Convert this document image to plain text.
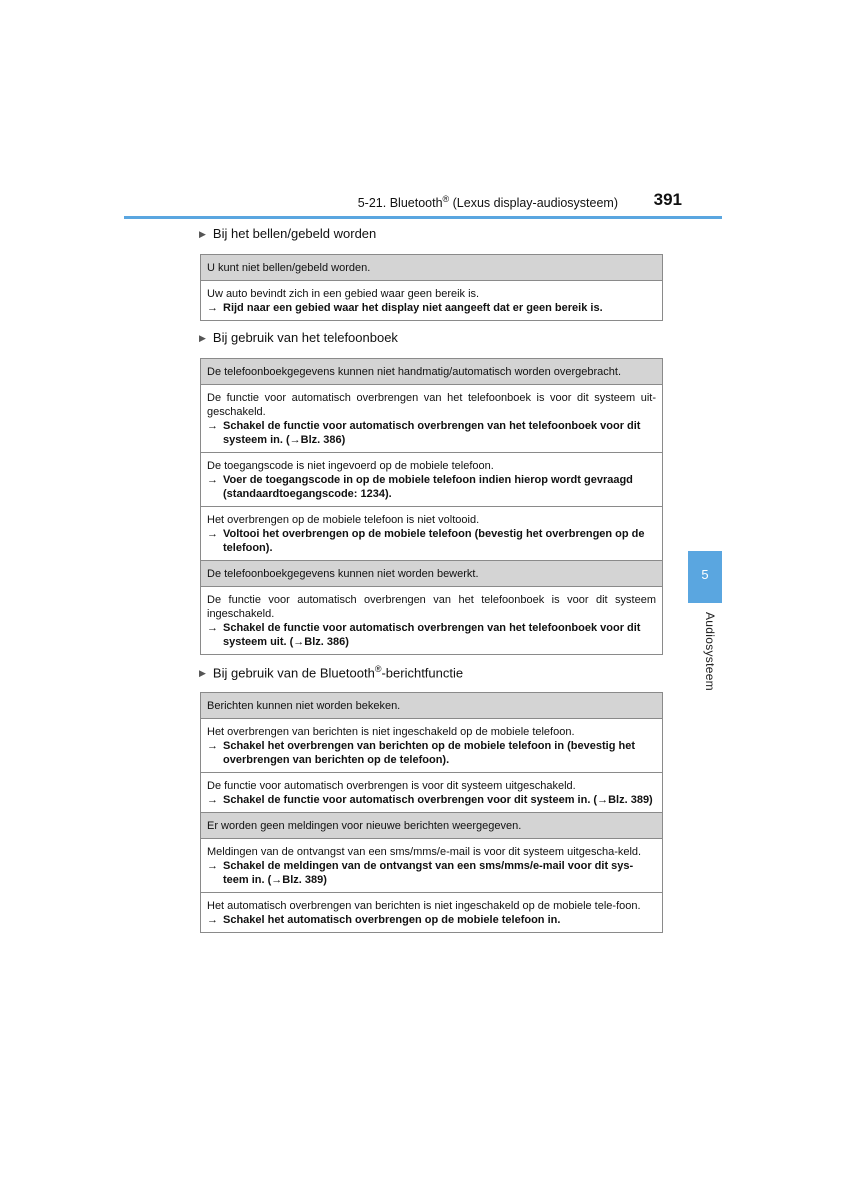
5-21. Bluetooth® (Lexus display-audiosysteem) 391
5
Audiosysteem
▶ Bij het bellen/gebeld worden
U kunt niet bellen/gebeld worden.

Uw auto bevindt zich in een gebied waar geen bereik is.
→ Rijd naar een gebied waar het display niet aangeeft dat er geen bereik is.
▶ Bij gebruik van het telefoonboek
De telefoonboekgegevens kunnen niet handmatig/automatisch worden overgebracht.

De functie voor automatisch overbrengen van het telefoonboek is voor dit systeem uit-geschakeld.
→ Schakel de functie voor automatisch overbrengen van het telefoonboek voor dit systeem in. (→Blz. 386)

De toegangscode is niet ingevoerd op de mobiele telefoon.
→ Voer de toegangscode in op de mobiele telefoon indien hierop wordt gevraagd (standaardtoegangscode: 1234).

Het overbrengen op de mobiele telefoon is niet voltooid.
→ Voltooi het overbrengen op de mobiele telefoon (bevestig het overbrengen op de telefoon).

De telefoonboekgegevens kunnen niet worden bewerkt.

De functie voor automatisch overbrengen van het telefoonboek is voor dit systeem ingeschakeld.
→ Schakel de functie voor automatisch overbrengen van het telefoonboek voor dit systeem uit. (→Blz. 386)
▶ Bij gebruik van de Bluetooth®-berichtfunctie
Berichten kunnen niet worden bekeken.

Het overbrengen van berichten is niet ingeschakeld op de mobiele telefoon.
→ Schakel het overbrengen van berichten op de mobiele telefoon in (bevestig het overbrengen van berichten op de telefoon).

De functie voor automatisch overbrengen is voor dit systeem uitgeschakeld.
→ Schakel de functie voor automatisch overbrengen voor dit systeem in. (→Blz. 389)

Er worden geen meldingen voor nieuwe berichten weergegeven.

Meldingen van de ontvangst van een sms/mms/e-mail is voor dit systeem uitgescha-keld.
→ Schakel de meldingen van de ontvangst van een sms/mms/e-mail voor dit sys-teem in. (→Blz. 389)

Het automatisch overbrengen van berichten is niet ingeschakeld op de mobiele tele-foon.
→ Schakel het automatisch overbrengen op de mobiele telefoon in.
